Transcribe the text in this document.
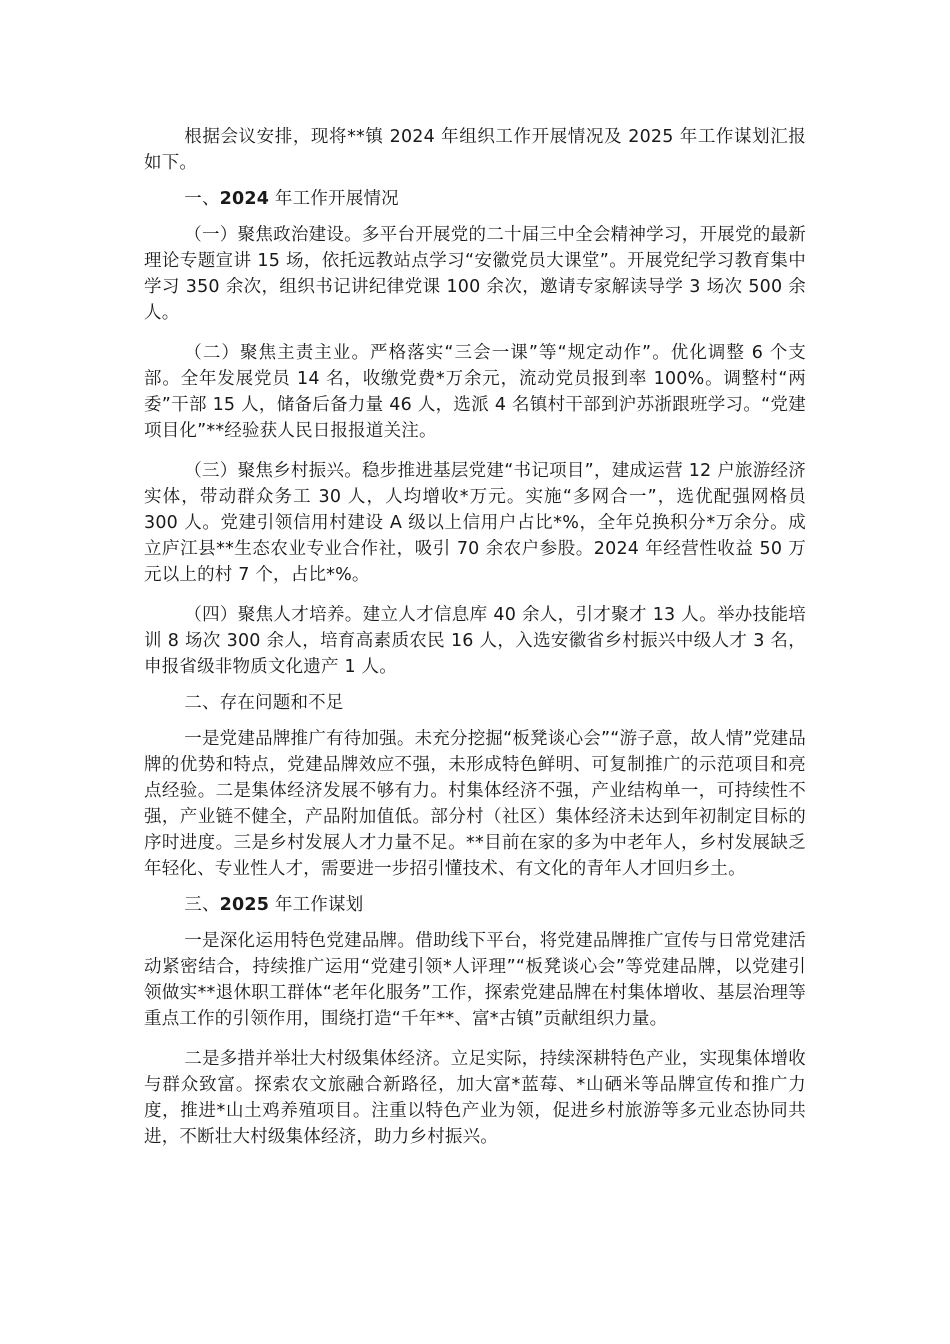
根据会议安排，现将**镇 2024 年组织工作开展情况及 2025 年工作谋划汇报如下。

一、2024 年工作开展情况

（一）聚焦政治建设。多平台开展党的二十届三中全会精神学习，开展党的最新理论专题宣讲 15 场，依托远教站点学习“安徽党员大课堂”。开展党纪学习教育集中学习 350 余次，组织书记讲纪律党课 100 余次，邀请专家解读导学 3 场次 500 余人。

（二）聚焦主责主业。严格落实“三会一课”等“规定动作”。优化调整 6 个支部。全年发展党员 14 名，收缴党费*万余元，流动党员报到率 100%。调整村“两委”干部 15 人，储备后备力量 46 人，选派 4 名镇村干部到沪苏浙跟班学习。“党建项目化”**经验获人民日报报道关注。

（三）聚焦乡村振兴。稳步推进基层党建“书记项目”，建成运营 12 户旅游经济实体，带动群众务工 30 人，人均增收*万元。实施“多网合一”，选优配强网格员 300 人。党建引领信用村建设 A 级以上信用户占比*%，全年兑换积分*万余分。成立庐江县**生态农业专业合作社，吸引 70 余农户参股。2024 年经营性收益 50 万元以上的村 7 个，占比*%。

（四）聚焦人才培养。建立人才信息库 40 余人，引才聚才 13 人。举办技能培训 8 场次 300 余人，培育高素质农民 16 人，入选安徽省乡村振兴中级人才 3 名，申报省级非物质文化遗产 1 人。

二、存在问题和不足

一是党建品牌推广有待加强。未充分挖掘“板凳谈心会”“游子意，故人情”党建品牌的优势和特点，党建品牌效应不强，未形成特色鲜明、可复制推广的示范项目和亮点经验。二是集体经济发展不够有力。村集体经济不强，产业结构单一，可持续性不强，产业链不健全，产品附加值低。部分村（社区）集体经济未达到年初制定目标的序时进度。三是乡村发展人才力量不足。**目前在家的多为中老年人，乡村发展缺乏年轻化、专业性人才，需要进一步招引懂技术、有文化的青年人才回归乡土。

三、2025 年工作谋划

一是深化运用特色党建品牌。借助线下平台，将党建品牌推广宣传与日常党建活动紧密结合，持续推广运用“党建引领*人评理”“板凳谈心会”等党建品牌，以党建引领做实**退休职工群体“老年化服务”工作，探索党建品牌在村集体增收、基层治理等重点工作的引领作用，围绕打造“千年**、富*古镇”贡献组织力量。

二是多措并举壮大村级集体经济。立足实际，持续深耕特色产业，实现集体增收与群众致富。探索农文旅融合新路径，加大富*蓝莓、*山硒米等品牌宣传和推广力度，推进*山土鸡养殖项目。注重以特色产业为领，促进乡村旅游等多元业态协同共进，不断壮大村级集体经济，助力乡村振兴。
